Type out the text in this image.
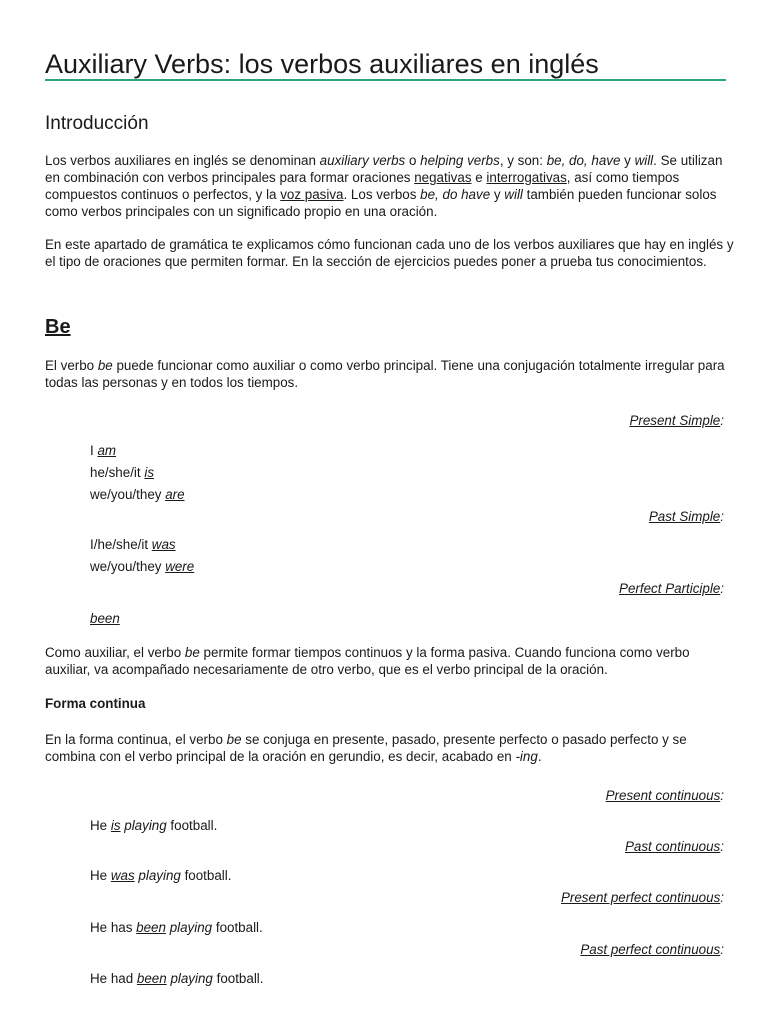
Auxiliary Verbs: los verbos auxiliares en inglés
Introducción

Los verbos auxiliares en inglés se denominan auxiliary verbs o helping verbs, y son: be, do, have y will. Se utilizan en combinación con verbos principales para formar oraciones negativas e interrogativas, así como tiempos compuestos continuos o perfectos, y la voz pasiva. Los verbos be, do have y will también pueden funcionar solos como verbos principales con un significado propio en una oración.

En este apartado de gramática te explicamos cómo funcionan cada uno de los verbos auxiliares que hay en inglés y el tipo de oraciones que permiten formar. En la sección de ejercicios puedes poner a prueba tus conocimientos.

Be

El verbo be puede funcionar como auxiliar o como verbo principal. Tiene una conjugación totalmente irregular para todas las personas y en todos los tiempos.

Present Simple:
I am
he/she/it is
we/you/they are
Past Simple:
I/he/she/it was
we/you/they were
Perfect Participle:
been

Como auxiliar, el verbo be permite formar tiempos continuos y la forma pasiva. Cuando funciona como verbo auxiliar, va acompañado necesariamente de otro verbo, que es el verbo principal de la oración.

Forma continua

En la forma continua, el verbo be se conjuga en presente, pasado, presente perfecto o pasado perfecto y se combina con el verbo principal de la oración en gerundio, es decir, acabado en -ing.

Present continuous:
He is playing football.
Past continuous:
He was playing football.
Present perfect continuous:
He has been playing football.
Past perfect continuous:
He had been playing football.
